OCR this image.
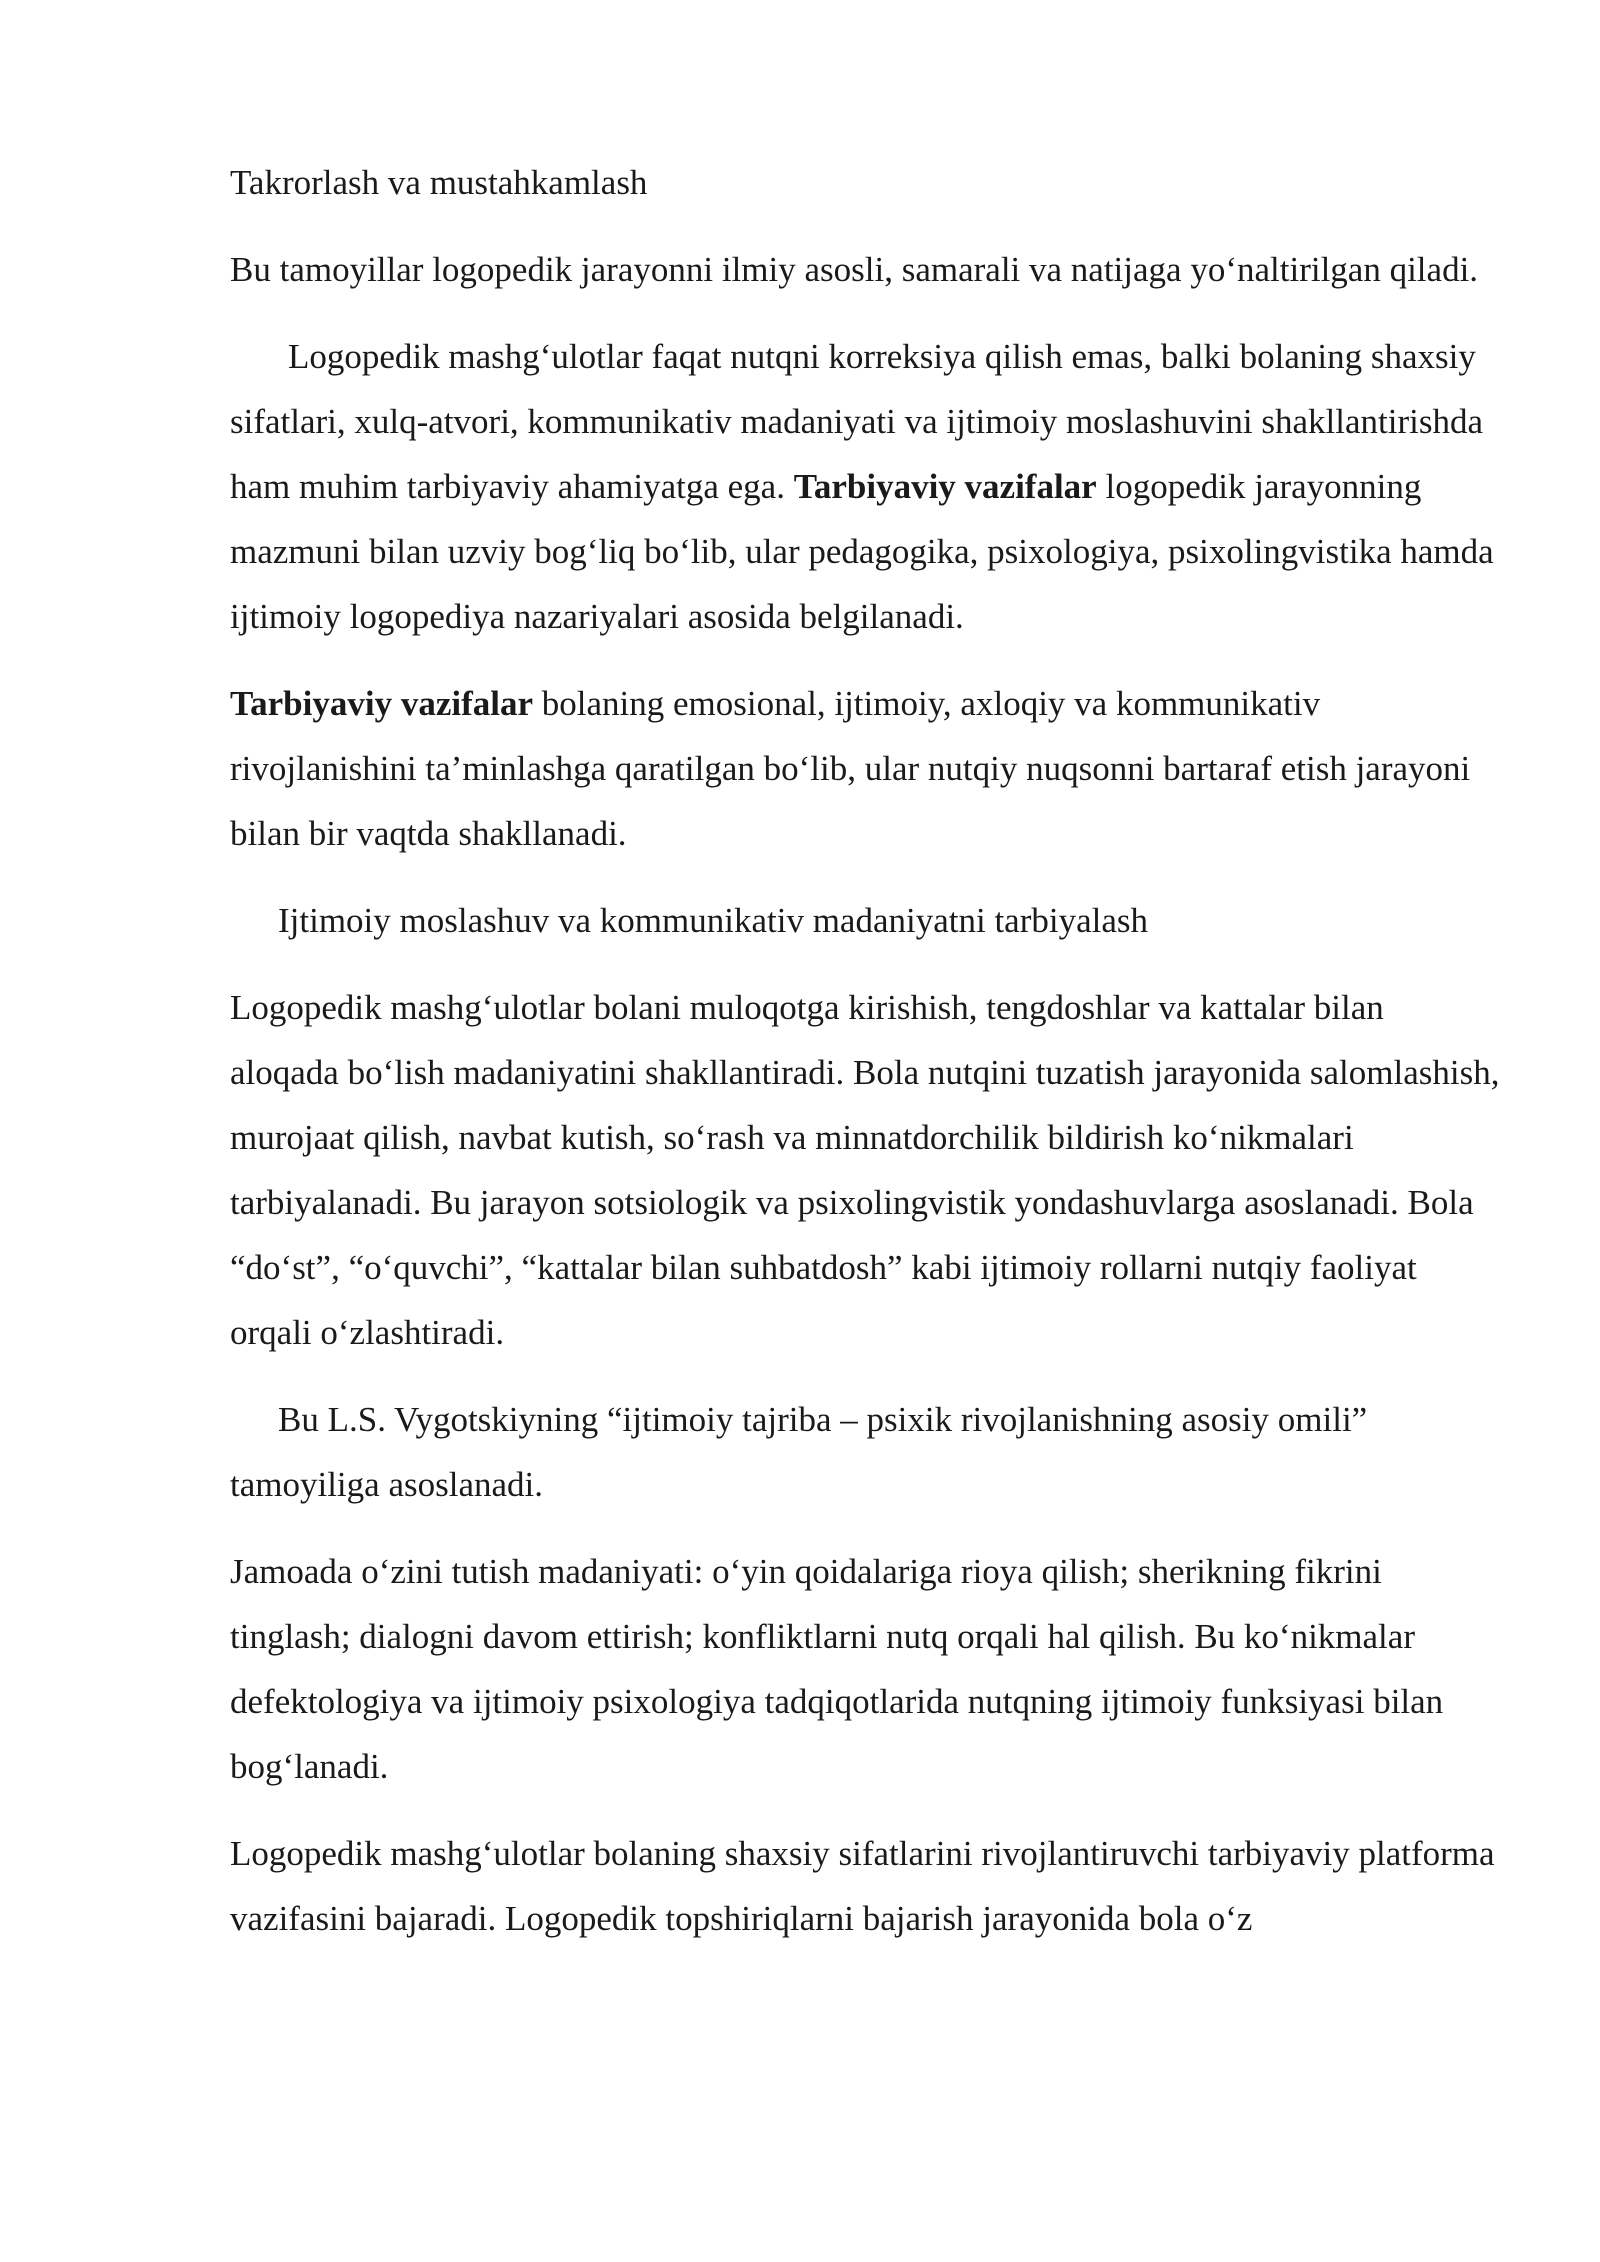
Takrorlash va mustahkamlash

Bu tamoyillar logopedik jarayonni ilmiy asosli, samarali va natijaga yo‘naltirilgan qiladi.

Logopedik mashg‘ulotlar faqat nutqni korreksiya qilish emas, balki bolaning shaxsiy sifatlari, xulq-atvori, kommunikativ madaniyati va ijtimoiy moslashuvini shakllantirishda ham muhim tarbiyaviy ahamiyatga ega. Tarbiyaviy vazifalar logopedik jarayonning mazmuni bilan uzviy bog‘liq bo‘lib, ular pedagogika, psixologiya, psixolingvistika hamda ijtimoiy logopediya nazariyalari asosida belgilanadi.

Tarbiyaviy vazifalar bolaning emosional, ijtimoiy, axloqiy va kommunikativ rivojlanishini ta’minlashga qaratilgan bo‘lib, ular nutqiy nuqsonni bartaraf etish jarayoni bilan bir vaqtda shakllanadi.

Ijtimoiy moslashuv va kommunikativ madaniyatni tarbiyalash

Logopedik mashg‘ulotlar bolani muloqotga kirishish, tengdoshlar va kattalar bilan aloqada bo‘lish madaniyatini shakllantiradi. Bola nutqini tuzatish jarayonida salomlashish, murojaat qilish, navbat kutish, so‘rash va minnatdorchilik bildirish ko‘nikmalari tarbiyalanadi. Bu jarayon sotsiologik va psixolingvistik yondashuvlarga asoslanadi. Bola “do‘st”, “o‘quvchi”, “kattalar bilan suhbatdosh” kabi ijtimoiy rollarni nutqiy faoliyat orqali o‘zlashtiradi.

Bu L.S. Vygotskiyning “ijtimoiy tajriba – psixik rivojlanishning asosiy omili” tamoyiliga asoslanadi.

Jamoada o‘zini tutish madaniyati: o‘yin qoidalariga rioya qilish; sherikning fikrini tinglash; dialogni davom ettirish; konfliktlarni nutq orqali hal qilish. Bu ko‘nikmalar defektologiya va ijtimoiy psixologiya tadqiqotlarida nutqning ijtimoiy funksiyasi bilan bog‘lanadi.

Logopedik mashg‘ulotlar bolaning shaxsiy sifatlarini rivojlantiruvchi tarbiyaviy platforma vazifasini bajaradi. Logopedik topshiriqlarni bajarish jarayonida bola o‘z
